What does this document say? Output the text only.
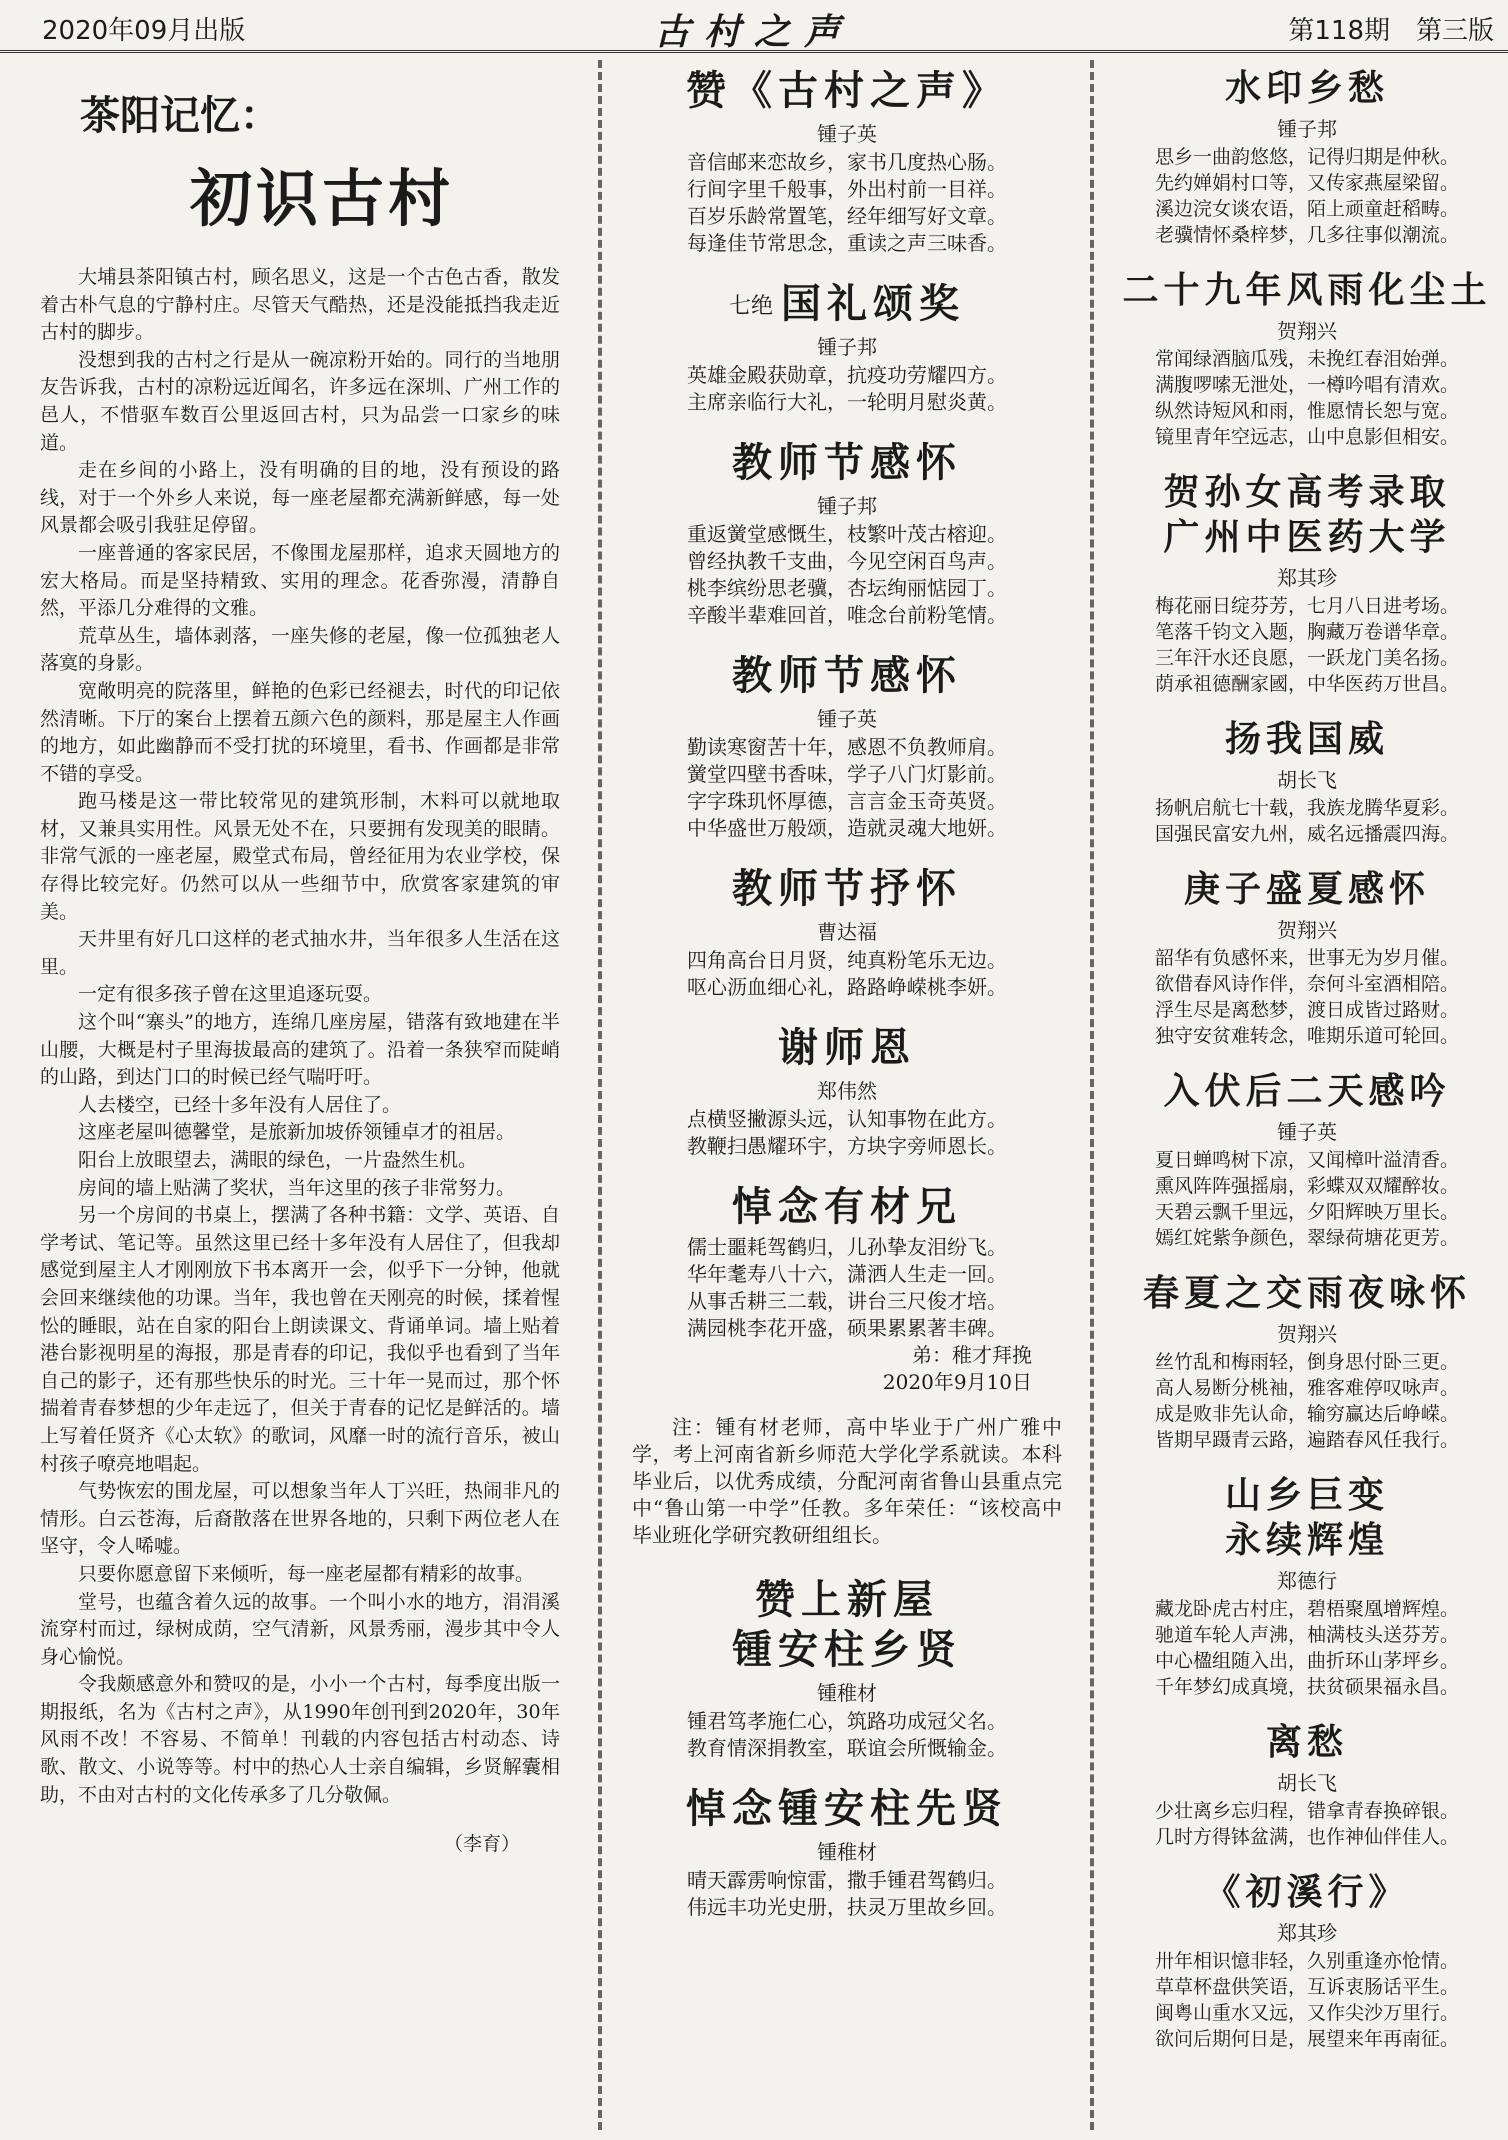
2020年09月出版	古村之声	第118期　第三版
茶阳记忆：
初识古村

大埔县茶阳镇古村，顾名思义，这是一个古色古香，散发着古朴气息的宁静村庄。尽管天气酷热，还是没能抵挡我走近古村的脚步。

没想到我的古村之行是从一碗凉粉开始的。同行的当地朋友告诉我，古村的凉粉远近闻名，许多远在深圳、广州工作的邑人，不惜驱车数百公里返回古村，只为品尝一口家乡的味道。

走在乡间的小路上，没有明确的目的地，没有预设的路线，对于一个外乡人来说，每一座老屋都充满新鲜感，每一处风景都会吸引我驻足停留。

一座普通的客家民居，不像围龙屋那样，追求天圆地方的宏大格局。而是坚持精致、实用的理念。花香弥漫，清静自然，平添几分难得的文雅。

荒草丛生，墙体剥落，一座失修的老屋，像一位孤独老人落寞的身影。

宽敞明亮的院落里，鲜艳的色彩已经褪去，时代的印记依然清晰。下厅的案台上摆着五颜六色的颜料，那是屋主人作画的地方，如此幽静而不受打扰的环境里，看书、作画都是非常不错的享受。

跑马楼是这一带比较常见的建筑形制，木料可以就地取材，又兼具实用性。风景无处不在，只要拥有发现美的眼睛。非常气派的一座老屋，殿堂式布局，曾经征用为农业学校，保存得比较完好。仍然可以从一些细节中，欣赏客家建筑的审美。

天井里有好几口这样的老式抽水井，当年很多人生活在这里。

一定有很多孩子曾在这里追逐玩耍。

这个叫“寨头”的地方，连绵几座房屋，错落有致地建在半山腰，大概是村子里海拔最高的建筑了。沿着一条狭窄而陡峭的山路，到达门口的时候已经气喘吁吁。

人去楼空，已经十多年没有人居住了。

这座老屋叫德馨堂，是旅新加坡侨领锺卓才的祖居。

阳台上放眼望去，满眼的绿色，一片盎然生机。

房间的墙上贴满了奖状，当年这里的孩子非常努力。

另一个房间的书桌上，摆满了各种书籍：文学、英语、自学考试、笔记等。虽然这里已经十多年没有人居住了，但我却感觉到屋主人才刚刚放下书本离开一会，似乎下一分钟，他就会回来继续他的功课。当年，我也曾在天刚亮的时候，揉着惺忪的睡眼，站在自家的阳台上朗读课文、背诵单词。墙上贴着港台影视明星的海报，那是青春的印记，我似乎也看到了当年自己的影子，还有那些快乐的时光。三十年一晃而过，那个怀揣着青春梦想的少年走远了，但关于青春的记忆是鲜活的。墙上写着任贤齐《心太软》的歌词，风靡一时的流行音乐，被山村孩子嘹亮地唱起。

气势恢宏的围龙屋，可以想象当年人丁兴旺，热闹非凡的情形。白云苍海，后裔散落在世界各地的，只剩下两位老人在坚守，令人唏嘘。

只要你愿意留下来倾听，每一座老屋都有精彩的故事。

堂号，也蕴含着久远的故事。一个叫小水的地方，涓涓溪流穿村而过，绿树成荫，空气清新，风景秀丽，漫步其中令人身心愉悦。

令我颇感意外和赞叹的是，小小一个古村，每季度出版一期报纸，名为《古村之声》，从1990年创刊到2020年，30年风雨不改！不容易、不简单！刊载的内容包括古村动态、诗歌、散文、小说等等。村中的热心人士亲自编辑，乡贤解囊相助，不由对古村的文化传承多了几分敬佩。

（李育）
赞《古村之声》
锺子英
音信邮来恋故乡，家书几度热心肠。
行间字里千般事，外出村前一目祥。
百岁乐龄常置笔，经年细写好文章。
每逢佳节常思念，重读之声三味香。
七绝 国礼颂奖
锺子邦
英雄金殿获勋章，抗疫功劳耀四方。
主席亲临行大礼，一轮明月慰炎黄。
教师节感怀
锺子邦
重返黉堂感慨生，枝繁叶茂古榕迎。
曾经执教千支曲，今见空闲百鸟声。
桃李缤纷思老骥，杏坛绚丽惦园丁。
辛酸半辈难回首，唯念台前粉笔情。
教师节感怀
锺子英
勤读寒窗苦十年，感恩不负教师肩。
黉堂四壁书香味，学子八门灯影前。
字字珠玑怀厚德，言言金玉奇英贤。
中华盛世万般颂，造就灵魂大地妍。
教师节抒怀
曹达福
四角高台日月贤，纯真粉笔乐无边。
呕心沥血细心礼，路路峥嵘桃李妍。
谢师恩
郑伟然
点横竖撇源头远，认知事物在此方。
教鞭扫愚耀环宇，方块字旁师恩长。
悼念有材兄
儒士噩耗驾鹤归，儿孙挚友泪纷飞。
华年耄寿八十六，潇洒人生走一回。
从事舌耕三二载，讲台三尺俊才培。
满园桃李花开盛，硕果累累著丰碑。
弟：稚才拜挽
2020年9月10日
注：锺有材老师，高中毕业于广州广雅中学，考上河南省新乡师范大学化学系就读。本科毕业后，以优秀成绩，分配河南省鲁山县重点完中“鲁山第一中学”任教。多年荣任：“该校高中毕业班化学研究教研组组长。
赞上新屋
锺安柱乡贤
锺稚材
锺君笃孝施仁心，筑路功成冠父名。
教育情深捐教室，联谊会所慨输金。
悼念锺安柱先贤
锺稚材
晴天霹雳响惊雷，撒手锺君驾鹤归。
伟远丰功光史册，扶灵万里故乡回。
水印乡愁
锺子邦
思乡一曲韵悠悠，记得归期是仲秋。
先约婵娟村口等，又传家燕屋梁留。
溪边浣女谈农语，陌上顽童赶稻畴。
老骥情怀桑梓梦，几多往事似潮流。
二十九年风雨化尘土
贺翔兴
常闻绿酒脑瓜残，未挽红春泪始弹。
满腹啰嗦无泄处，一樽吟唱有清欢。
纵然诗短风和雨，惟愿情长恕与宽。
镜里青年空远志，山中息影但相安。
贺孙女高考录取
广州中医药大学
郑其珍
梅花丽日绽芬芳，七月八日进考场。
笔落千钧文入题，胸藏万卷谱华章。
三年汗水还良愿，一跃龙门美名扬。
荫承祖德酬家國，中华医药万世昌。
扬我国威
胡长飞
扬帆启航七十载，我族龙腾华夏彩。
国强民富安九州，威名远播震四海。
庚子盛夏感怀
贺翔兴
韶华有负感怀来，世事无为岁月催。
欲借春风诗作伴，奈何斗室酒相陪。
浮生尽是离愁梦，渡日成皆过路财。
独守安贫难转念，唯期乐道可轮回。
入伏后二天感吟
锺子英
夏日蝉鸣树下凉，又闻樟叶溢清香。
熏风阵阵强摇扇，彩蝶双双耀醉妆。
天碧云飘千里远，夕阳辉映万里长。
嫣红姹紫争颜色，翠绿荷塘花更芳。
春夏之交雨夜咏怀
贺翔兴
丝竹乱和梅雨轻，倒身思付卧三更。
高人易断分桃袖，雅客难停叹咏声。
成是败非先认命，输穷赢达后峥嵘。
皆期早蹑青云路，遍踏春风任我行。
山乡巨变
永续辉煌
郑德行
藏龙卧虎古村庄，碧梧聚凰增辉煌。
驰道车轮人声沸，柚满枝头送芬芳。
中心楹组随入出，曲折环山茅坪乡。
千年梦幻成真境，扶贫硕果福永昌。
离愁
胡长飞
少壮离乡忘归程，错拿青春换碎银。
几时方得钵盆满，也作神仙伴佳人。
《初溪行》
郑其珍
卅年相识憶非轻，久别重逢亦怆情。
草草杯盘供笑语，互诉衷肠话平生。
闽粤山重水又远，又作尖沙万里行。
欲问后期何日是，展望来年再南征。
